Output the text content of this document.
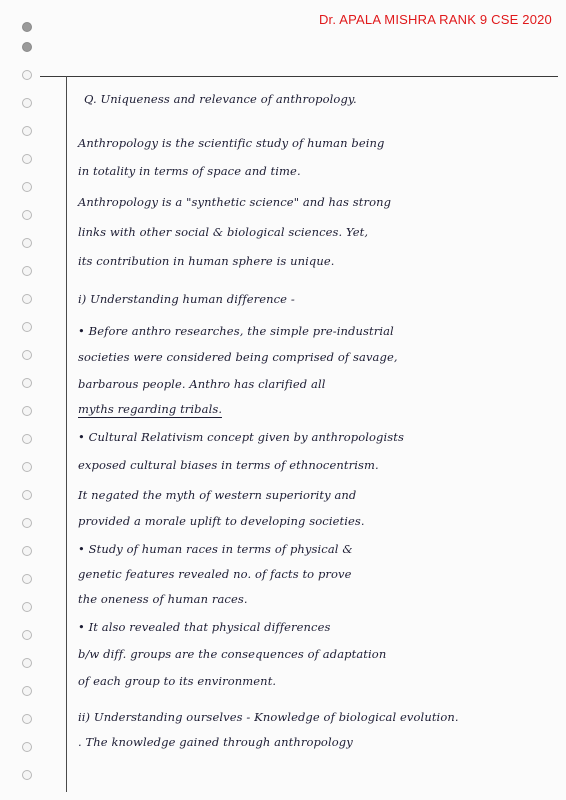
Dr. APALA MISHRA RANK 9 CSE 2020
Q. Uniqueness and relevance of anthropology.
Anthropology is the scientific study of human being
in totality in terms of space and time.
Anthropology is a "synthetic science" and has strong
links with other social & biological sciences. Yet,
its contribution in human sphere is unique.
i) Understanding human difference -
• Before anthro researches, the simple pre-industrial
societies were considered being comprised of savage,
barbarous people. Anthro has clarified all
myths regarding tribals.
• Cultural Relativism concept given by anthropologists
exposed cultural biases in terms of ethnocentrism.
It negated the myth of western superiority and
provided a morale uplift to developing societies.
• Study of human races in terms of physical &
genetic features revealed no. of facts to prove
the oneness of human races.
• It also revealed that physical differences
b/w diff. groups are the consequences of adaptation
of each group to its environment.
ii) Understanding ourselves - Knowledge of biological evolution.
. The knowledge gained through anthropology
